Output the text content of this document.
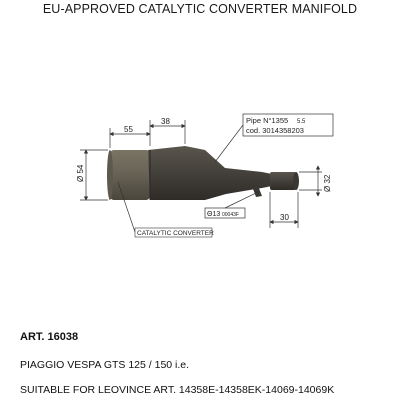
EU-APPROVED CATALYTIC CONVERTER MANIFOLD
55
38
Ø 54
Ø 32
30
Pipe N°1355 5.5
cod. 3014358203
Θ13 00043F
CATALYTIC CONVERTER
ART. 16038
PIAGGIO VESPA GTS 125 / 150 i.e.
SUITABLE FOR LEOVINCE ART. 14358E-14358EK-14069-14069K
